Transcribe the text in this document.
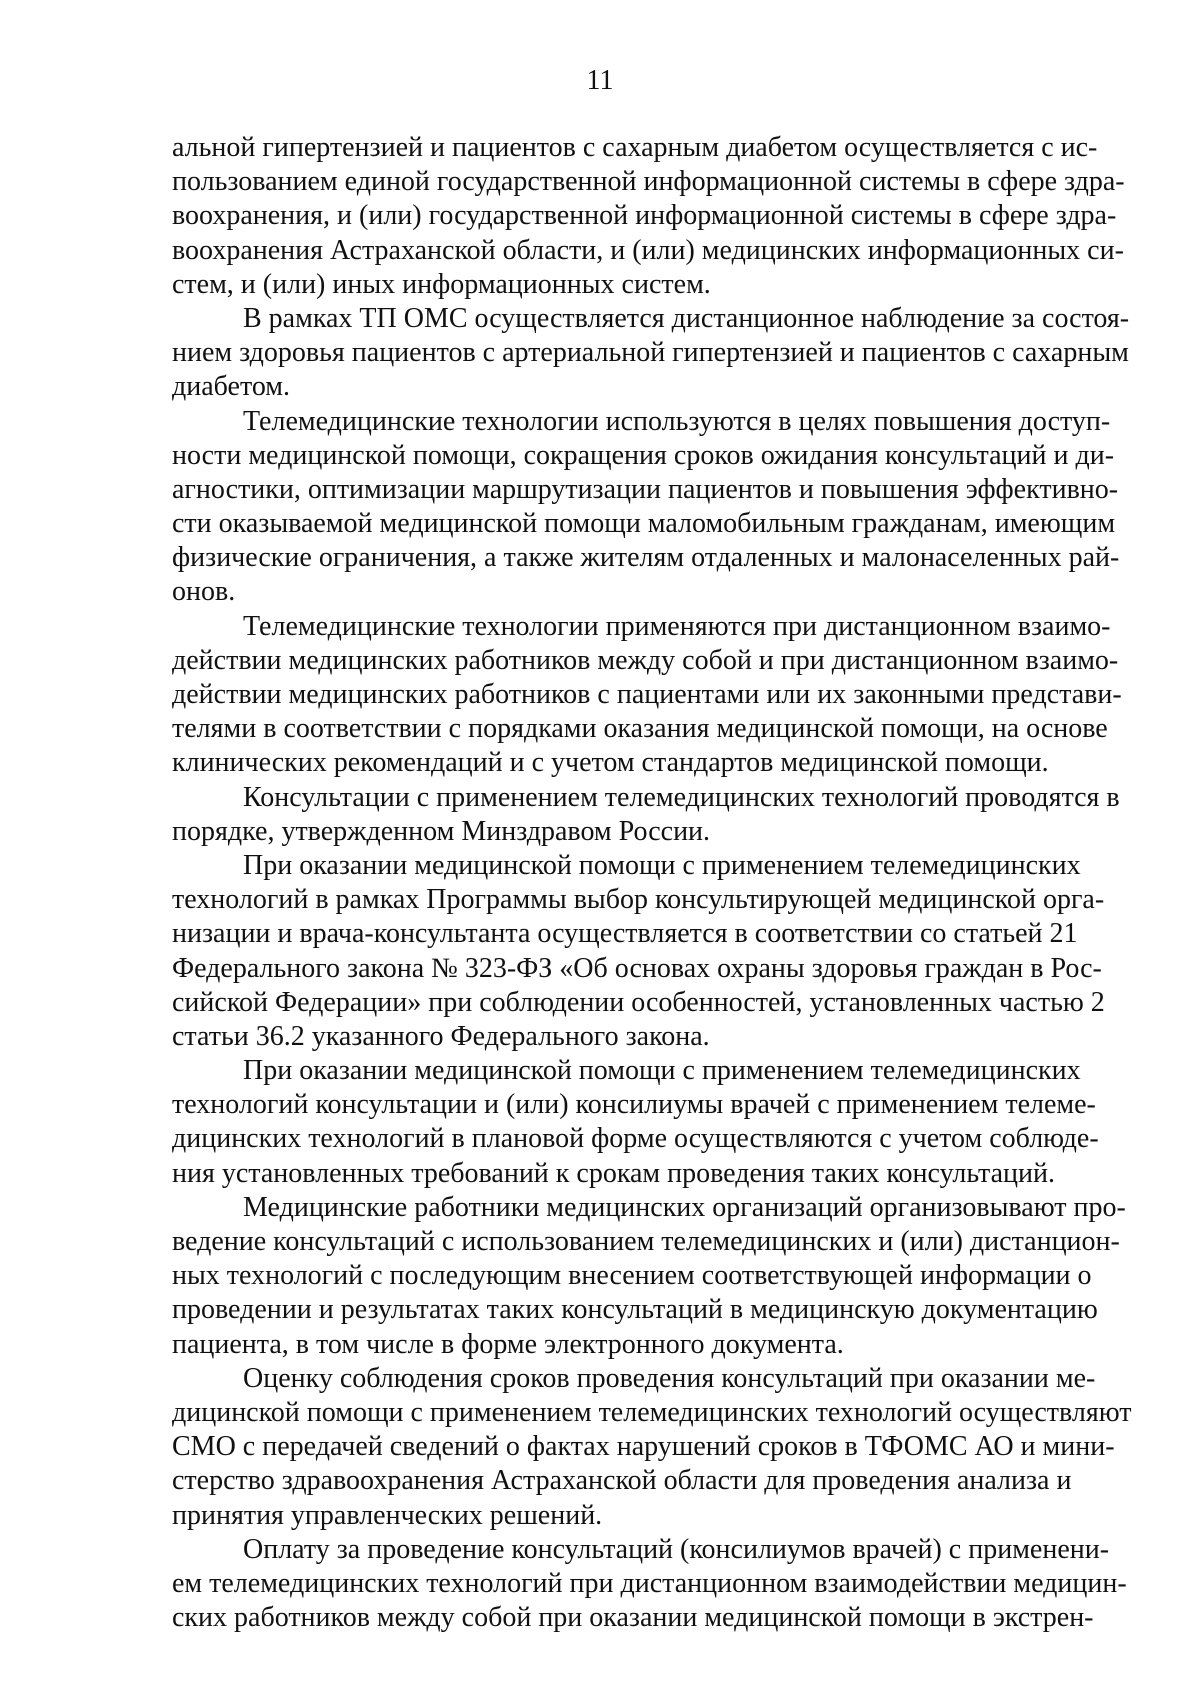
11
альной гипертензией и пациентов с сахарным диабетом осуществляется с ис-
пользованием единой государственной информационной системы в сфере здра-
воохранения, и (или) государственной информационной системы в сфере здра-
воохранения Астраханской области, и (или) медицинских информационных си-
стем, и (или) иных информационных систем.
В рамках ТП ОМС осуществляется дистанционное наблюдение за состоя-
нием здоровья пациентов с артериальной гипертензией и пациентов с сахарным
диабетом.
Телемедицинские технологии используются в целях повышения доступ-
ности медицинской помощи, сокращения сроков ожидания консультаций и ди-
агностики, оптимизации маршрутизации пациентов и повышения эффективно-
сти оказываемой медицинской помощи маломобильным гражданам, имеющим
физические ограничения, а также жителям отдаленных и малонаселенных рай-
онов.
Телемедицинские технологии применяются при дистанционном взаимо-
действии медицинских работников между собой и при дистанционном взаимо-
действии медицинских работников с пациентами или их законными представи-
телями в соответствии с порядками оказания медицинской помощи, на основе
клинических рекомендаций и с учетом стандартов медицинской помощи.
Консультации с применением телемедицинских технологий проводятся в
порядке, утвержденном Минздравом России.
При оказании медицинской помощи с применением телемедицинских
технологий в рамках Программы выбор консультирующей медицинской орга-
низации и врача-консультанта осуществляется в соответствии со статьей 21
Федерального закона № 323-ФЗ «Об основах охраны здоровья граждан в Рос-
сийской Федерации» при соблюдении особенностей, установленных частью 2
статьи 36.2 указанного Федерального закона.
При оказании медицинской помощи с применением телемедицинских
технологий консультации и (или) консилиумы врачей с применением телеме-
дицинских технологий в плановой форме осуществляются с учетом соблюде-
ния установленных требований к срокам проведения таких консультаций.
Медицинские работники медицинских организаций организовывают про-
ведение консультаций с использованием телемедицинских и (или) дистанцион-
ных технологий с последующим внесением соответствующей информации о
проведении и результатах таких консультаций в медицинскую документацию
пациента, в том числе в форме электронного документа.
Оценку соблюдения сроков проведения консультаций при оказании ме-
дицинской помощи с применением телемедицинских технологий осуществляют
СМО с передачей сведений о фактах нарушений сроков в ТФОМС АО и мини-
стерство здравоохранения Астраханской области для проведения анализа и
принятия управленческих решений.
Оплату за проведение консультаций (консилиумов врачей) с применени-
ем телемедицинских технологий при дистанционном взаимодействии медицин-
ских работников между собой при оказании медицинской помощи в экстрен-
